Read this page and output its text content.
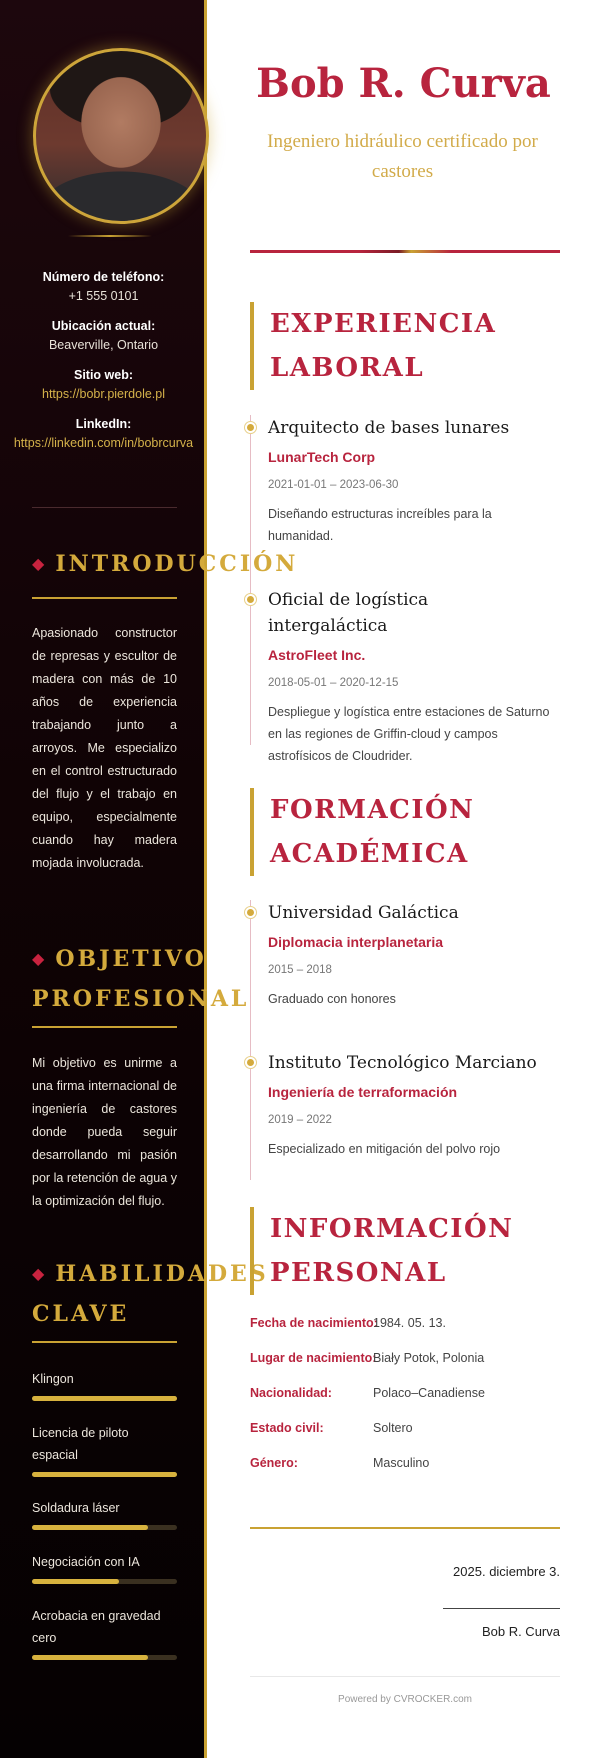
Número de teléfono:
+1 555 0101
Ubicación actual:
Beaverville, Ontario
Sitio web:
https://bobr.pierdole.pl
LinkedIn:
https://linkedin.com/in/bobrcurva
◆ INTRODUCCIÓN
Apasionado constructor de represas y escultor de madera con más de 10 años de experiencia trabajando junto a arroyos. Me especializo en el control estructurado del flujo y el trabajo en equipo, especialmente cuando hay madera mojada involucrada.
◆ OBJETIVO PROFESIONAL
Mi objetivo es unirme a una firma internacional de ingeniería de castores donde pueda seguir desarrollando mi pasión por la retención de agua y la optimización del flujo.
◆ HABILIDADES CLAVE
Klingon
Licencia de piloto espacial
Soldadura láser
Negociación con IA
Acrobacia en gravedad cero
Bob R. Curva
Ingeniero hidráulico certificado por castores
EXPERIENCIA LABORAL
Arquitecto de bases lunares
LunarTech Corp
2021-01-01 – 2023-06-30
Diseñando estructuras increíbles para la humanidad.
Oficial de logística intergaláctica
AstroFleet Inc.
2018-05-01 – 2020-12-15
Despliegue y logística entre estaciones de Saturno en las regiones de Griffin-cloud y campos astrofísicos de Cloudrider.
FORMACIÓN ACADÉMICA
Universidad Galáctica
Diplomacia interplanetaria
2015 – 2018
Graduado con honores
Instituto Tecnológico Marciano
Ingeniería de terraformación
2019 – 2022
Especializado en mitigación del polvo rojo
INFORMACIÓN PERSONAL
Fecha de nacimiento:
1984. 05. 13.
Lugar de nacimiento:
Biały Potok, Polonia
Nacionalidad:	Polaco–Canadiense
Estado civil:	Soltero
Género:	Masculino
2025. diciembre 3.
Bob R. Curva
Powered by CVROCKER.com
